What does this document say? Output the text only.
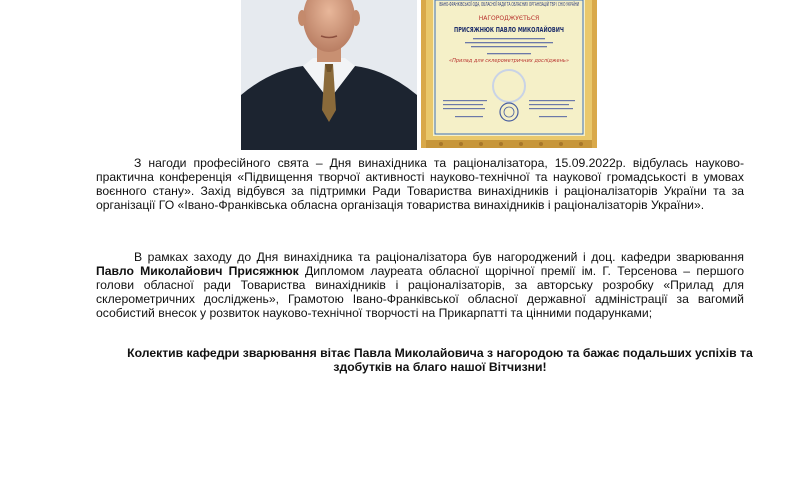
ІВАНО-ФРАНКІВСЬКОЇ ОДА, ОБЛАСНОЇ РАДИ ТА ОБЛАСНИХ ОРГАНІЗАЦІЙ ТВР І СНІО УКРАЇНИ
НАГОРОДЖУЄТЬСЯ
ПРИСЯЖНЮК ПАВЛО МИКОЛАЙОВИЧ
«Прилад для склерометричних досліджень»
З нагоди професійного свята – Дня винахідника та раціоналізатора, 15.09.2022р. відбулась науково-практична конференція «Підвищення творчої активності науково-технічної та наукової громадськості в умовах воєнного стану». Захід відбувся за підтримки Ради Товариства винахідників і раціоналізаторів України та за організації ГО «Івано-Франківська обласна організація товариства винахідників і раціоналізаторів України».
В рамках заходу до Дня винахідника та раціоналізатора був нагороджений і доц. кафедри зварювання Павло Миколайович Присяжнюк Дипломом лауреата обласної щорічної премії ім. Г. Терсенова – першого голови обласної ради Товариства винахідників і раціоналізаторів, за авторську розробку «Прилад для склерометричних досліджень», Грамотою Івано-Франківської обласної державної адміністрації за вагомий особистий внесок у розвиток науково-технічної творчості на Прикарпатті та цінними подарунками;
Колектив кафедри зварювання вітає Павла Миколайовича з нагородою та бажає подальших успіхів та здобутків на благо нашої Вітчизни!
